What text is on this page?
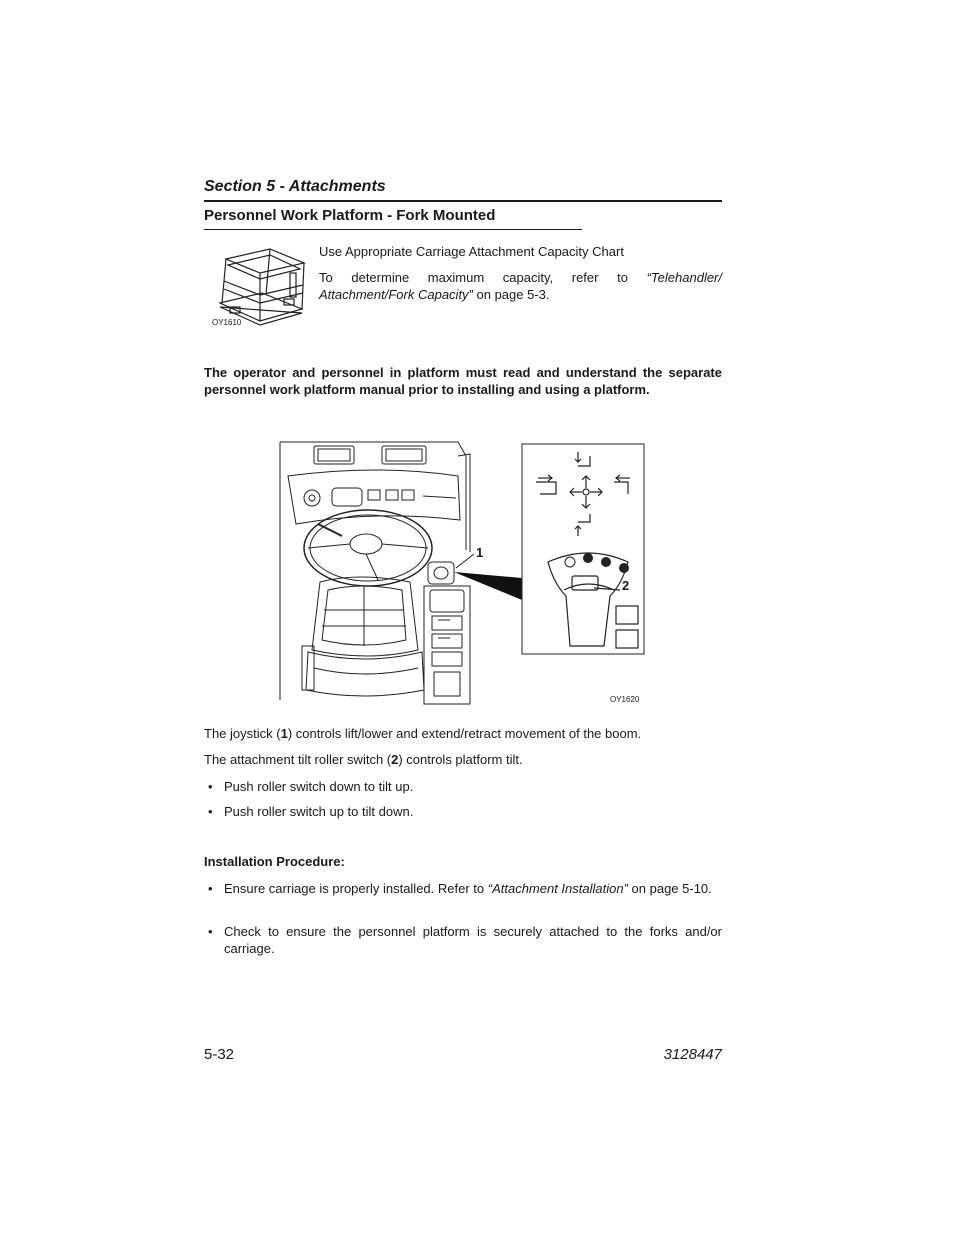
Section 5 - Attachments
Personnel Work Platform - Fork Mounted
OY1610
Use Appropriate Carriage Attachment Capacity Chart
To determine maximum capacity, refer to “Telehandler/ Attachment/Fork Capacity” on page 5-3.
The operator and personnel in platform must read and understand the separate personnel work platform manual prior to installing and using a platform.
1
2
OY1620
The joystick (1) controls lift/lower and extend/retract movement of the boom.
The attachment tilt roller switch (2) controls platform tilt.
• Push roller switch down to tilt up.
• Push roller switch up to tilt down.
Installation Procedure:
• Ensure carriage is properly installed. Refer to “Attachment Installation” on page 5-10.
• Check to ensure the personnel platform is securely attached to the forks and/or carriage.
5-32	3128447
